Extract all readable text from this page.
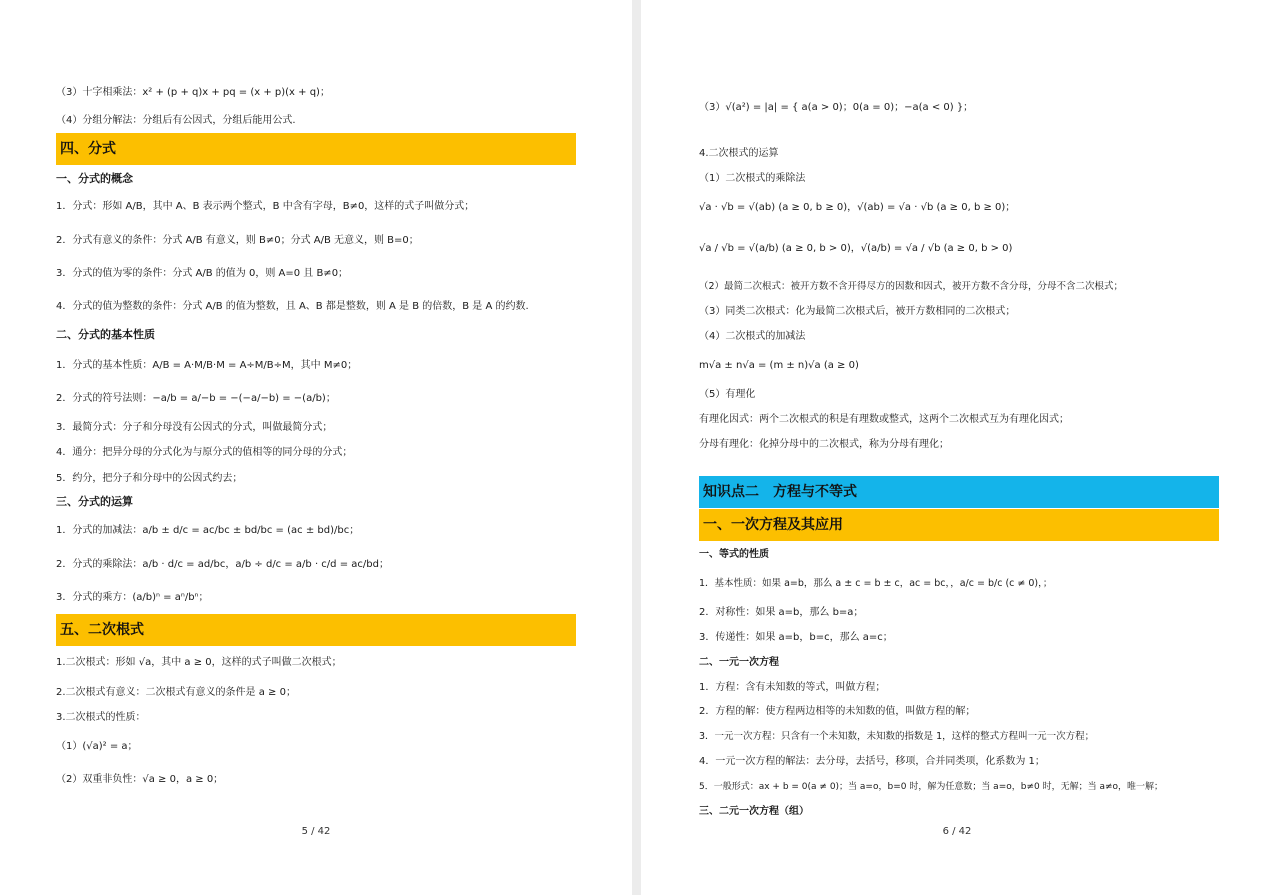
（3）十字相乘法：x² + (p + q)x + pq = (x + p)(x + q)；
（4）分组分解法：分组后有公因式，分组后能用公式.
四、分式
一、分式的概念
1．分式：形如 A/B，其中 A、B 表示两个整式，B 中含有字母，B≠0，这样的式子叫做分式；
2．分式有意义的条件：分式 A/B 有意义，则 B≠0；分式 A/B 无意义，则 B=0；
3．分式的值为零的条件：分式 A/B 的值为 0，则 A=0 且 B≠0；
4．分式的值为整数的条件：分式 A/B 的值为整数，且 A、B 都是整数，则 A 是 B 的倍数，B 是 A 的约数.
二、分式的基本性质
1．分式的基本性质：A/B = A·M/B·M = A÷M/B÷M，其中 M≠0；
2．分式的符号法则：−a/b = a/−b = −(−a/−b) = −(a/b)；
3．最简分式：分子和分母没有公因式的分式，叫做最简分式；
4．通分：把异分母的分式化为与原分式的值相等的同分母的分式；
5．约分，把分子和分母中的公因式约去；
三、分式的运算
1．分式的加减法：a/b ± d/c = ac/bc ± bd/bc = (ac ± bd)/bc；
2．分式的乘除法：a/b · d/c = ad/bc，a/b ÷ d/c = a/b · c/d = ac/bd；
3．分式的乘方：(a/b)ⁿ = aⁿ/bⁿ；
五、二次根式
1.二次根式：形如 √a，其中 a ≥ 0，这样的式子叫做二次根式；
2.二次根式有意义：二次根式有意义的条件是 a ≥ 0；
3.二次根式的性质：
（1）(√a)² = a；
（2）双重非负性：√a ≥ 0，a ≥ 0；
5 / 42
（3）√(a²) = |a| = { a(a > 0)；0(a = 0)；−a(a < 0) }；
4.二次根式的运算
（1）二次根式的乘除法
√a · √b = √(ab) (a ≥ 0, b ≥ 0)，√(ab) = √a · √b (a ≥ 0, b ≥ 0)；
√a / √b = √(a/b) (a ≥ 0, b > 0)，√(a/b) = √a / √b (a ≥ 0, b > 0)
（2）最简二次根式：被开方数不含开得尽方的因数和因式，被开方数不含分母，分母不含二次根式；
（3）同类二次根式：化为最简二次根式后，被开方数相同的二次根式；
（4）二次根式的加减法
m√a ± n√a = (m ± n)√a (a ≥ 0)
（5）有理化
有理化因式：两个二次根式的积是有理数或整式，这两个二次根式互为有理化因式；
分母有理化：化掉分母中的二次根式，称为分母有理化；
知识点二　方程与不等式
一、一次方程及其应用
一、等式的性质
1．基本性质：如果 a=b，那么 a ± c = b ± c，ac = bc，，a/c = b/c (c ≠ 0)，；
2．对称性：如果 a=b，那么 b=a；
3．传递性：如果 a=b，b=c，那么 a=c；
二、一元一次方程
1．方程：含有未知数的等式，叫做方程；
2．方程的解：使方程两边相等的未知数的值，叫做方程的解；
3．一元一次方程：只含有一个未知数，未知数的指数是 1，这样的整式方程叫一元一次方程；
4．一元一次方程的解法：去分母，去括号，移项，合并同类项，化系数为 1；
5．一般形式：ax + b = 0(a ≠ 0)；当 a=o，b=0 时，解为任意数；当 a=o，b≠0 时，无解；当 a≠o，唯一解；
三、二元一次方程（组）
6 / 42
